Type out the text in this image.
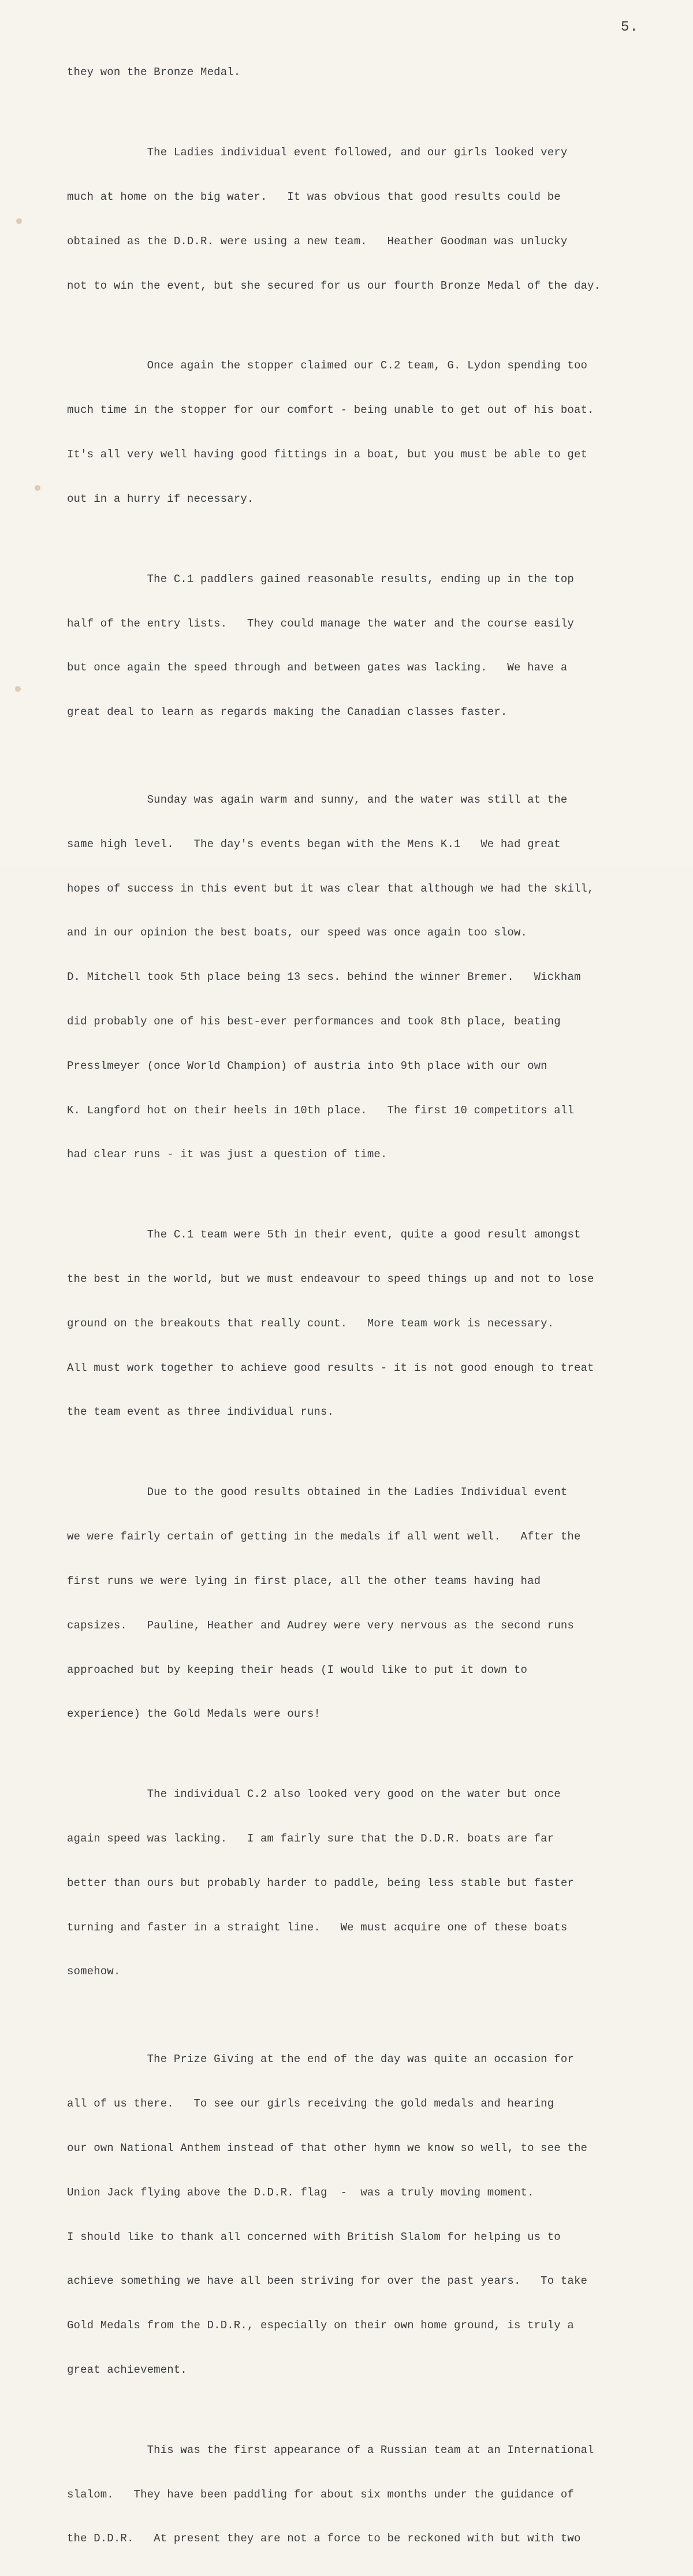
5.

they won the Bronze Medal.

The Ladies individual event followed, and our girls looked very

much at home on the big water.   It was obvious that good results could be

obtained as the D.D.R. were using a new team.   Heather Goodman was unlucky

not to win the event, but she secured for us our fourth Bronze Medal of the day.

Once again the stopper claimed our C.2 team, G. Lydon spending too

much time in the stopper for our comfort - being unable to get out of his boat.

It's all very well having good fittings in a boat, but you must be able to get

out in a hurry if necessary.

The C.1 paddlers gained reasonable results, ending up in the top

half of the entry lists.   They could manage the water and the course easily

but once again the speed through and between gates was lacking.   We have a

great deal to learn as regards making the Canadian classes faster.

Sunday was again warm and sunny, and the water was still at the

same high level.   The day's events began with the Mens K.1   We had great

hopes of success in this event but it was clear that although we had the skill,

and in our opinion the best boats, our speed was once again too slow.

D. Mitchell took 5th place being 13 secs. behind the winner Bremer.   Wickham

did probably one of his best-ever performances and took 8th place, beating

Presslmeyer (once World Champion) of austria into 9th place with our own

K. Langford hot on their heels in 10th place.   The first 10 competitors all

had clear runs - it was just a question of time.

The C.1 team were 5th in their event, quite a good result amongst

the best in the world, but we must endeavour to speed things up and not to lose

ground on the breakouts that really count.   More team work is necessary.

All must work together to achieve good results - it is not good enough to treat

the team event as three individual runs.

Due to the good results obtained in the Ladies Individual event

we were fairly certain of getting in the medals if all went well.   After the

first runs we were lying in first place, all the other teams having had

capsizes.   Pauline, Heather and Audrey were very nervous as the second runs

approached but by keeping their heads (I would like to put it down to

experience) the Gold Medals were ours!

The individual C.2 also looked very good on the water but once

again speed was lacking.   I am fairly sure that the D.D.R. boats are far

better than ours but probably harder to paddle, being less stable but faster

turning and faster in a straight line.   We must acquire one of these boats

somehow.

The Prize Giving at the end of the day was quite an occasion for

all of us there.   To see our girls receiving the gold medals and hearing

our own National Anthem instead of that other hymn we know so well, to see the

Union Jack flying above the D.D.R. flag  -  was a truly moving moment.

I should like to thank all concerned with British Slalom for helping us to

achieve something we have all been striving for over the past years.   To take

Gold Medals from the D.D.R., especially on their own home ground, is truly a

great achievement.

This was the first appearance of a Russian team at an International

slalom.   They have been paddling for about six months under the guidance of

the D.D.R.   At present they are not a force to be reckoned with but with two
